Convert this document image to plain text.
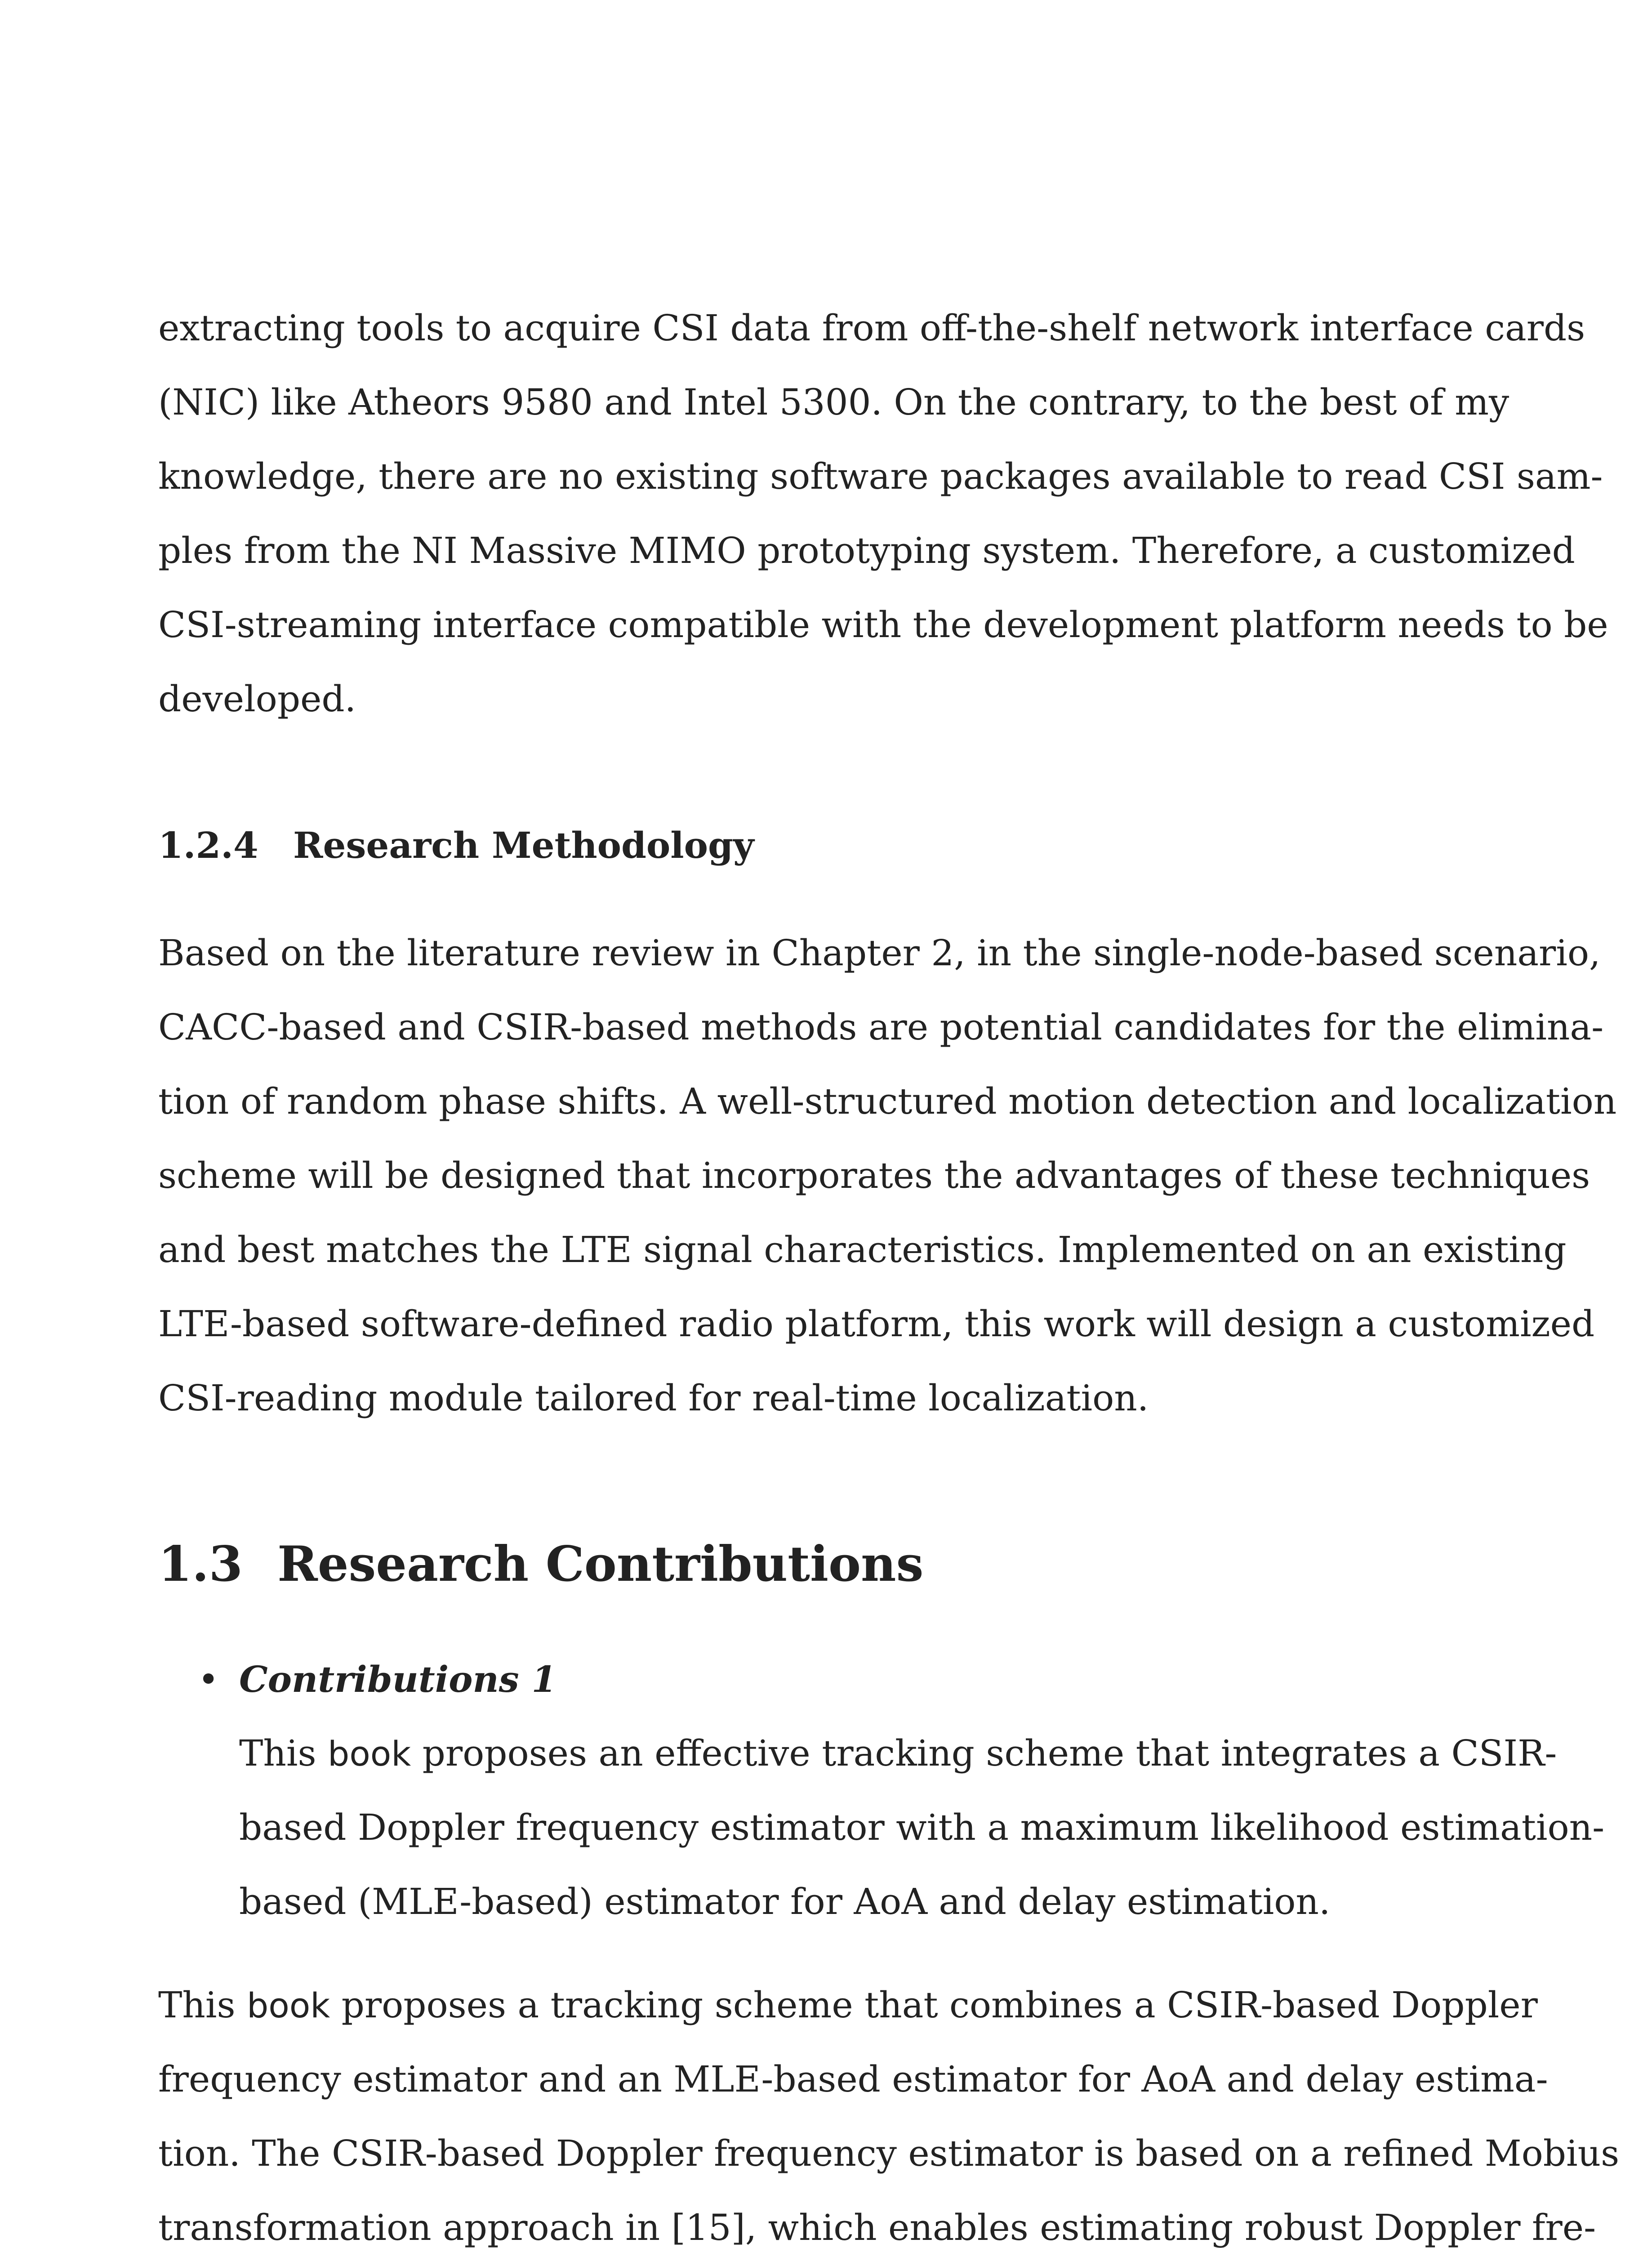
extracting tools to acquire CSI data from off-the-shelf network interface cards
(NIC) like Atheors 9580 and Intel 5300. On the contrary, to the best of my
knowledge, there are no existing software packages available to read CSI sam-
ples from the NI Massive MIMO prototyping system. Therefore, a customized
CSI-streaming interface compatible with the development platform needs to be
developed.
1.2.4 Research Methodology
Based on the literature review in Chapter 2, in the single-node-based scenario,
CACC-based and CSIR-based methods are potential candidates for the elimina-
tion of random phase shifts. A well-structured motion detection and localization
scheme will be designed that incorporates the advantages of these techniques
and best matches the LTE signal characteristics. Implemented on an existing
LTE-based software-defined radio platform, this work will design a customized
CSI-reading module tailored for real-time localization.
1.3 Research Contributions
• Contributions 1
This book proposes an effective tracking scheme that integrates a CSIR-
based Doppler frequency estimator with a maximum likelihood estimation-
based (MLE-based) estimator for AoA and delay estimation.
This book proposes a tracking scheme that combines a CSIR-based Doppler
frequency estimator and an MLE-based estimator for AoA and delay estima-
tion. The CSIR-based Doppler frequency estimator is based on a refined Mobius
transformation approach in [15], which enables estimating robust Doppler fre-
